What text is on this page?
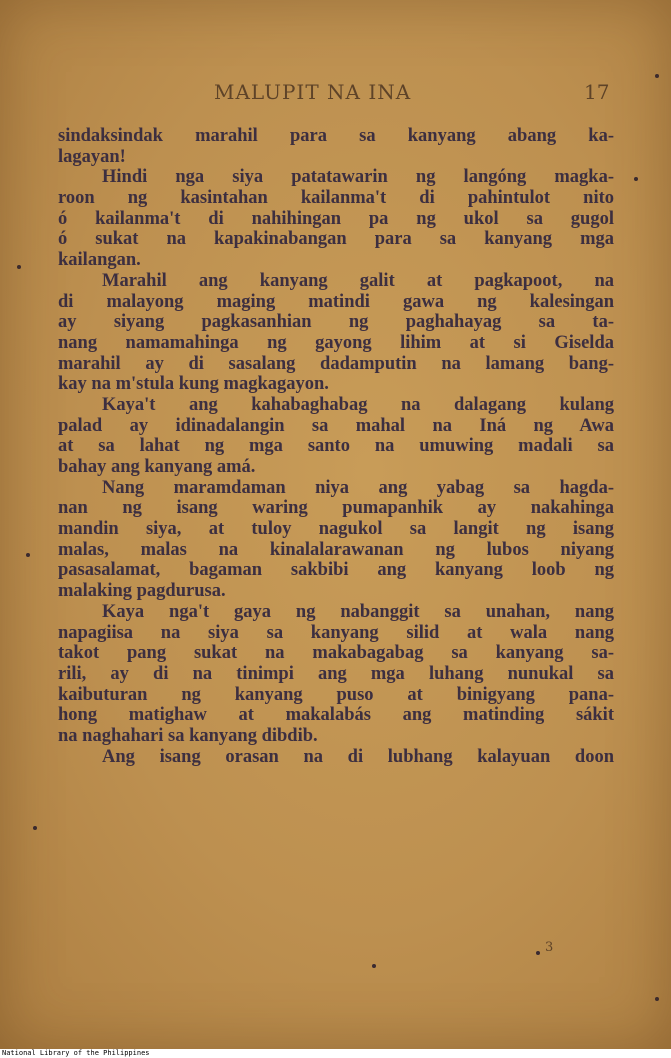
MALUPIT NA INA	17
sindaksindak marahil para sa kanyang abang ka-
lagayan!
Hindi nga siya patatawarin ng langóng magka-
roon ng kasintahan kailanma't di pahintulot nito
ó kailanma't di nahihingan pa ng ukol sa gugol
ó sukat na kapakinabangan para sa kanyang mga
kailangan.
Marahil ang kanyang galit at pagkapoot, na
di malayong maging matindi gawa ng kalesingan
ay siyang pagkasanhian ng paghahayag sa ta-
nang namamahinga ng gayong lihim at si Giselda
marahil ay di sasalang dadamputin na lamang bang-
kay na m'stula kung magkagayon.
Kaya't ang kahabaghabag na dalagang kulang
palad ay idinadalangin sa mahal na Iná ng Awa
at sa lahat ng mga santo na umuwing madali sa
bahay ang kanyang amá.
Nang maramdaman niya ang yabag sa hagda-
nan ng isang waring pumapanhik ay nakahinga
mandin siya, at tuloy nagukol sa langit ng isang
malas, malas na kinalalarawanan ng lubos niyang
pasasalamat, bagaman sakbibi ang kanyang loob ng
malaking pagdurusa.
Kaya nga't gaya ng nabanggit sa unahan, nang
napagiisa na siya sa kanyang silid at wala nang
takot pang sukat na makabagabag sa kanyang sa-
rili, ay di na tinimpi ang mga luhang nunukal sa
kaibuturan ng kanyang puso at binigyang pana-
hong matighaw at makalabás ang matinding sákit
na naghahari sa kanyang dibdib.
Ang isang orasan na di lubhang kalayuan doon
3
National Library of the Philippines
